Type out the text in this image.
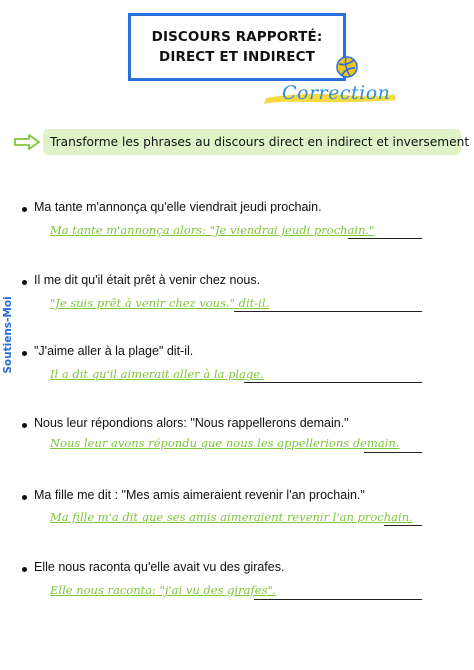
DISCOURS RAPPORTÉ:
DIRECT ET INDIRECT
Correction
Soutiens-Moi
Transforme les phrases au discours direct en indirect et inversement
Ma tante m'annonça qu'elle viendrait jeudi prochain.
Ma tante m'annonça alors: "Je viendrai jeudi prochain."
Il me dit qu'il était prêt à venir chez nous.
"Je suis prêt à venir chez vous." dit-il.
"J'aime aller à la plage" dit-il.
Il a dit qu'il aimerait aller à la plage.
Nous leur répondions alors: "Nous rappellerons demain."
Nous leur avons répondu que nous les appellerions demain.
Ma fille me dit : "Mes amis aimeraient revenir l'an prochain."
Ma fille m'a dit que ses amis aimeraient revenir l'an prochain.
Elle nous raconta qu'elle avait vu des girafes.
Elle nous raconta: "j'ai vu des girafes".
